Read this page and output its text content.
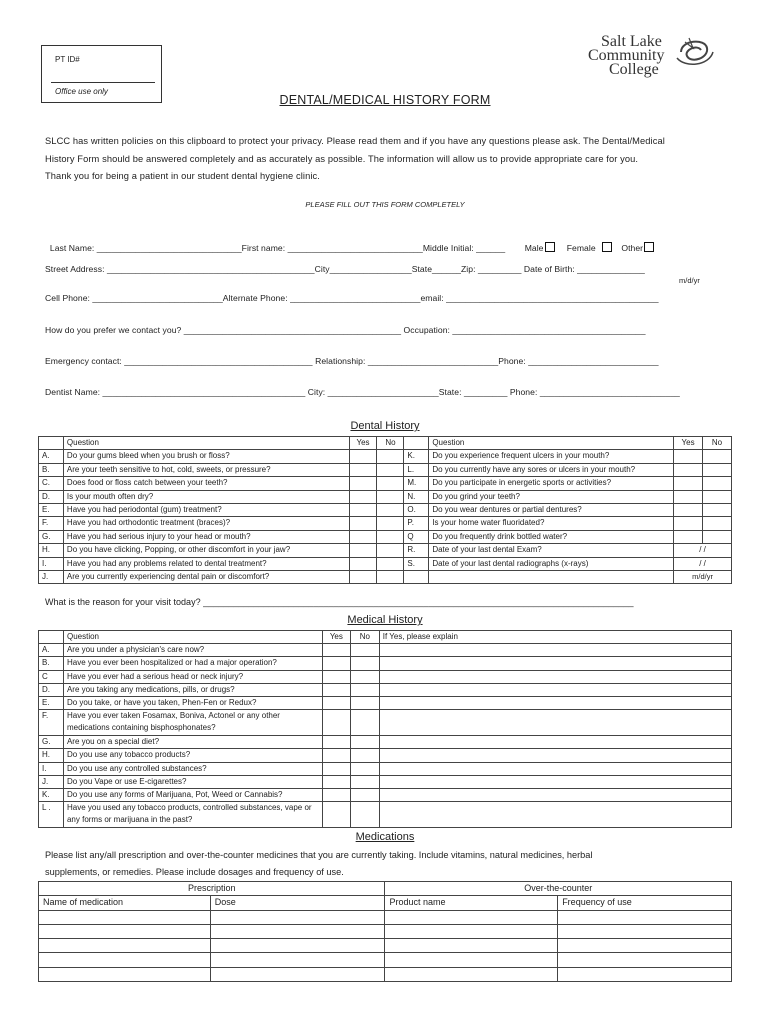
PT ID#
Office use only
Salt Lake
Community
College
DENTAL/MEDICAL HISTORY FORM
SLCC has written policies on this clipboard to protect your privacy. Please read them and if you have any questions please ask. The Dental/Medical
History Form should be answered completely and as accurately as possible. The information will allow us to provide appropriate care for you.
Thank you for being a patient in our student dental hygiene clinic.
PLEASE FILL OUT THIS FORM COMPLETELY

Last Name: ______________________________First name: ____________________________Middle Initial: ______ Male	Female	Other

Street Address: ___________________________________________City_________________State______Zip: _________ Date of Birth: ______________
m/d/yr
Cell Phone: ___________________________Alternate Phone: ___________________________email: ____________________________________________
How do you prefer we contact you? _____________________________________________ Occupation: ________________________________________
Emergency contact: _______________________________________ Relationship: ___________________________Phone: ___________________________
Dentist Name: __________________________________________ City: _______________________State: _________ Phone: _____________________________
Dental History
	Question	Yes	No		Question	Yes	No
A.	Do your gums bleed when you brush or floss?			K.	Do you experience frequent ulcers in your mouth?		
B.	Are your teeth sensitive to hot, cold, sweets, or pressure?			L.	Do you currently have any sores or ulcers in your mouth?		
C.	Does food or floss catch between your teeth?			M.	Do you participate in energetic sports or activities?		
D.	Is your mouth often dry?			N.	Do you grind your teeth?		
E.	Have you had periodontal (gum) treatment?			O.	Do you wear dentures or partial dentures?		
F.	Have you had orthodontic treatment (braces)?			P.	Is your home water fluoridated?		
G.	Have you had serious injury to your head or mouth?			Q	Do you frequently drink bottled water?		
H.	Do you have clicking, Popping, or other discomfort in your jaw?			R.	Date of your last dental Exam?	/ /	
I.	Have you had any problems related to dental treatment?			S.	Date of your last dental radiographs (x-rays)	/ /	
J.	Are you currently experiencing dental pain or discomfort?					m/d/yr	
What is the reason for your visit today? ______________________________________________________________________________________
Medical History
	Question	Yes	No	If Yes, please explain
A.	Are you under a physician's care now?			
B.	Have you ever been hospitalized or had a major operation?			
C	Have you ever had a serious head or neck injury?			
D.	Are you taking any medications, pills, or drugs?			
E.	Do you take, or have you taken, Phen-Fen or Redux?			
F.	Have you ever taken Fosamax, Boniva, Actonel or any other medications containing bisphosphonates?			
G.	Are you on a special diet?			
H.	Do you use any tobacco products?			
I.	Do you use any controlled substances?			
J.	Do you Vape or use E-cigarettes?			
K.	Do you use any forms of Marijuana, Pot, Weed or Cannabis?			
L .	Have you used any tobacco products, controlled substances, vape or any forms or marijuana in the past?			
Medications
Please list any/all prescription and over-the-counter medicines that you are currently taking. Include vitamins, natural medicines, herbal
supplements, or remedies. Please include dosages and frequency of use.
Prescription		Over-the-counter	
Name of medication	Dose	Product name	Frequency of use
